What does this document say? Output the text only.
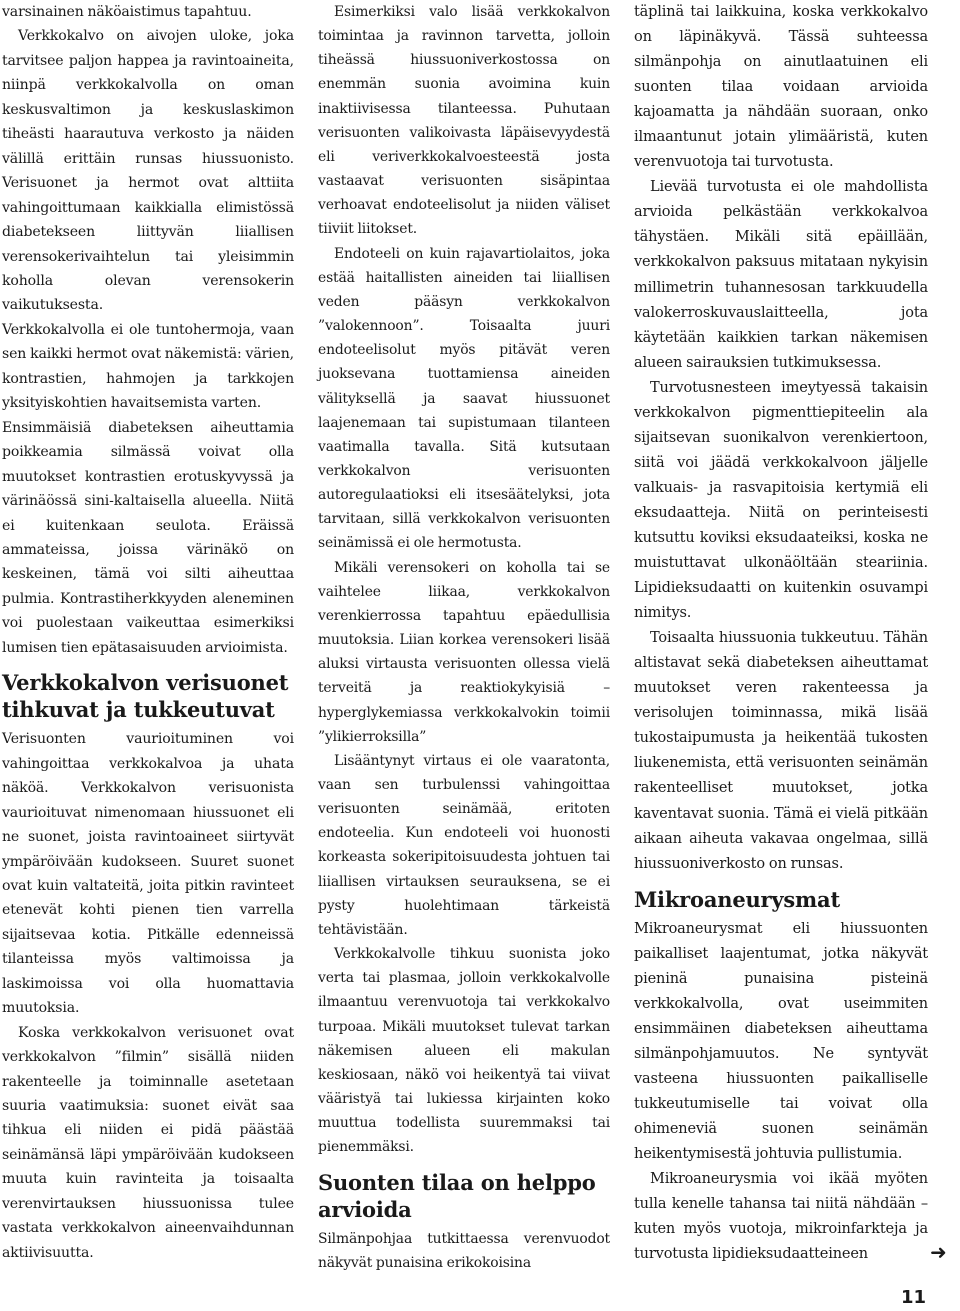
varsinainen näköaistimus tapahtuu.

Verkkokalvo on aivojen uloke, joka tarvitsee paljon happea ja ravintoaineita, niinpä verkkokalvolla on oman keskusvaltimon ja keskuslaskimon tiheästi haarautuva verkosto ja näiden välillä erittäin runsas hiussuonisto. Verisuonet ja hermot ovat alttiita vahingoittumaan kaikkialla elimistössä diabetekseen liittyvän liiallisen verensokerivaihtelun tai yleisimmin koholla olevan verensokerin vaikutuksesta.

Verkkokalvolla ei ole tuntohermoja, vaan sen kaikki hermot ovat näkemistä: värien, kontrastien, hahmojen ja tarkkojen yksityiskohtien havaitsemista varten.

Ensimmäisiä diabeteksen aiheuttamia poikkeamia silmässä voivat olla muutokset kontrastien erotuskyvyssä ja värinäössä sini-kaltaisella alueella. Niitä ei kuitenkaan seulota. Eräissä ammateissa, joissa värinäkö on keskeinen, tämä voi silti aiheuttaa pulmia. Kontrastiherkkyyden aleneminen voi puolestaan vaikeuttaa esimerkiksi lumisen tien epätasaisuuden arvioimista.

Verkkokalvon verisuonet tihkuvat ja tukkeutuvat

Verisuonten vaurioituminen voi vahingoittaa verkkokalvoa ja uhata näköä. Verkkokalvon verisuonista vaurioituvat nimenomaan hiussuonet eli ne suonet, joista ravintoaineet siirtyvät ympäröivään kudokseen. Suuret suonet ovat kuin valtateitä, joita pitkin ravinteet etenevät kohti pienen tien varrella sijaitsevaa kotia. Pitkälle edenneissä tilanteissa myös valtimoissa ja laskimoissa voi olla huomattavia muutoksia.

Koska verkkokalvon verisuonet ovat verkkokalvon ”filmin” sisällä niiden rakenteelle ja toiminnalle asetetaan suuria vaatimuksia: suonet eivät saa tihkua eli niiden ei pidä päästää seinämänsä läpi ympäröivään kudokseen muuta kuin ravinteita ja toisaalta verenvirtauksen hiussuonissa tulee vastata verkkokalvon aineenvaihdunnan aktiivisuutta.

Esimerkiksi valo lisää verkkokalvon toimintaa ja ravinnon tarvetta, jolloin tiheässä hiussuoniverkostossa on enemmän suonia avoimina kuin inaktiivisessa tilanteessa. Puhutaan verisuonten valikoivasta läpäisevyydestä eli veriverkkokalvoesteestä josta vastaavat verisuonten sisäpintaa verhoavat endoteelisolut ja niiden väliset tiiviit liitokset.

Endoteeli on kuin rajavartiolaitos, joka estää haitallisten aineiden tai liiallisen veden pääsyn verkkokalvon ”valokennoon”. Toisaalta juuri endoteelisolut myös pitävät veren juoksevana tuottamiensa aineiden välityksellä ja saavat hiussuonet laajenemaan tai supistumaan tilanteen vaatimalla tavalla. Sitä kutsutaan verkkokalvon verisuonten autoregulaatioksi eli itsesäätelyksi, jota tarvitaan, sillä verkkokalvon verisuonten seinämissä ei ole hermotusta.

Mikäli verensokeri on koholla tai se vaihtelee liikaa, verkkokalvon verenkierrossa tapahtuu epäedullisia muutoksia. Liian korkea verensokeri lisää aluksi virtausta verisuonten ollessa vielä terveitä ja reaktiokykyisiä – hyperglykemiassa verkkokalvokin toimii ”ylikierroksilla”

Lisääntynyt virtaus ei ole vaaratonta, vaan sen turbulenssi vahingoittaa verisuonten seinämää, eritoten endoteelia. Kun endoteeli voi huonosti korkeasta sokeripitoisuudesta johtuen tai liiallisen virtauksen seurauksena, se ei pysty huolehtimaan tärkeistä tehtävistään.

Verkkokalvolle tihkuu suonista joko verta tai plasmaa, jolloin verkkokalvolle ilmaantuu verenvuotoja tai verkkokalvo turpoaa. Mikäli muutokset tulevat tarkan näkemisen alueen eli makulan keskiosaan, näkö voi heikentyä tai viivat vääristyä tai lukiessa kirjainten koko muuttua todellista suuremmaksi tai pienemmäksi.

Suonten tilaa on helppo arvioida

Silmänpohjaa tutkittaessa verenvuodot näkyvät punaisina erikokoisina

täplinä tai laikkuina, koska verkkokalvo on läpinäkyvä. Tässä suhteessa silmänpohja on ainutlaatuinen eli suonten tilaa voidaan arvioida kajoamatta ja nähdään suoraan, onko ilmaantunut jotain ylimääristä, kuten verenvuotoja tai turvotusta.

Lievää turvotusta ei ole mahdollista arvioida pelkästään verkkokalvoa tähystäen. Mikäli sitä epäillään, verkkokalvon paksuus mitataan nykyisin millimetrin tuhannesosan tarkkuudella valokerroskuvauslaitteella, jota käytetään kaikkien tarkan näkemisen alueen sairauksien tutkimuksessa.

Turvotusnesteen imeytyessä takaisin verkkokalvon pigmenttiepiteelin ala sijaitsevan suonikalvon verenkiertoon, siitä voi jäädä verkkokalvoon jäljelle valkuais- ja rasvapitoisia kertymiä eli eksudaatteja. Niitä on perinteisesti kutsuttu koviksi eksudaateiksi, koska ne muistuttavat ulkonäöltään steariinia. Lipidieksudaatti on kuitenkin osuvampi nimitys.

Toisaalta hiussuonia tukkeutuu. Tähän altistavat sekä diabeteksen aiheuttamat muutokset veren rakenteessa ja verisolujen toiminnassa, mikä lisää tukostaipumusta ja heikentää tukosten liukenemista, että verisuonten seinämän rakenteelliset muutokset, jotka kaventavat suonia. Tämä ei vielä pitkään aikaan aiheuta vakavaa ongelmaa, sillä hiussuoniverkosto on runsas.

Mikroaneurysmat

Mikroaneurysmat eli hiussuonten paikalliset laajentumat, jotka näkyvät pieninä punaisina pisteinä verkkokalvolla, ovat useimmiten ensimmäinen diabeteksen aiheuttama silmänpohjamuutos. Ne syntyvät vasteena hiussuonten paikalliselle tukkeutumiselle tai voivat olla ohimeneviä suonen seinämän heikentymisestä johtuvia pullistumia.

Mikroaneurysmia voi ikää myöten tulla kenelle tahansa tai niitä nähdään – kuten myös vuotoja, mikroinfarkteja ja turvotusta lipidieksudaatteineen	➜
11
